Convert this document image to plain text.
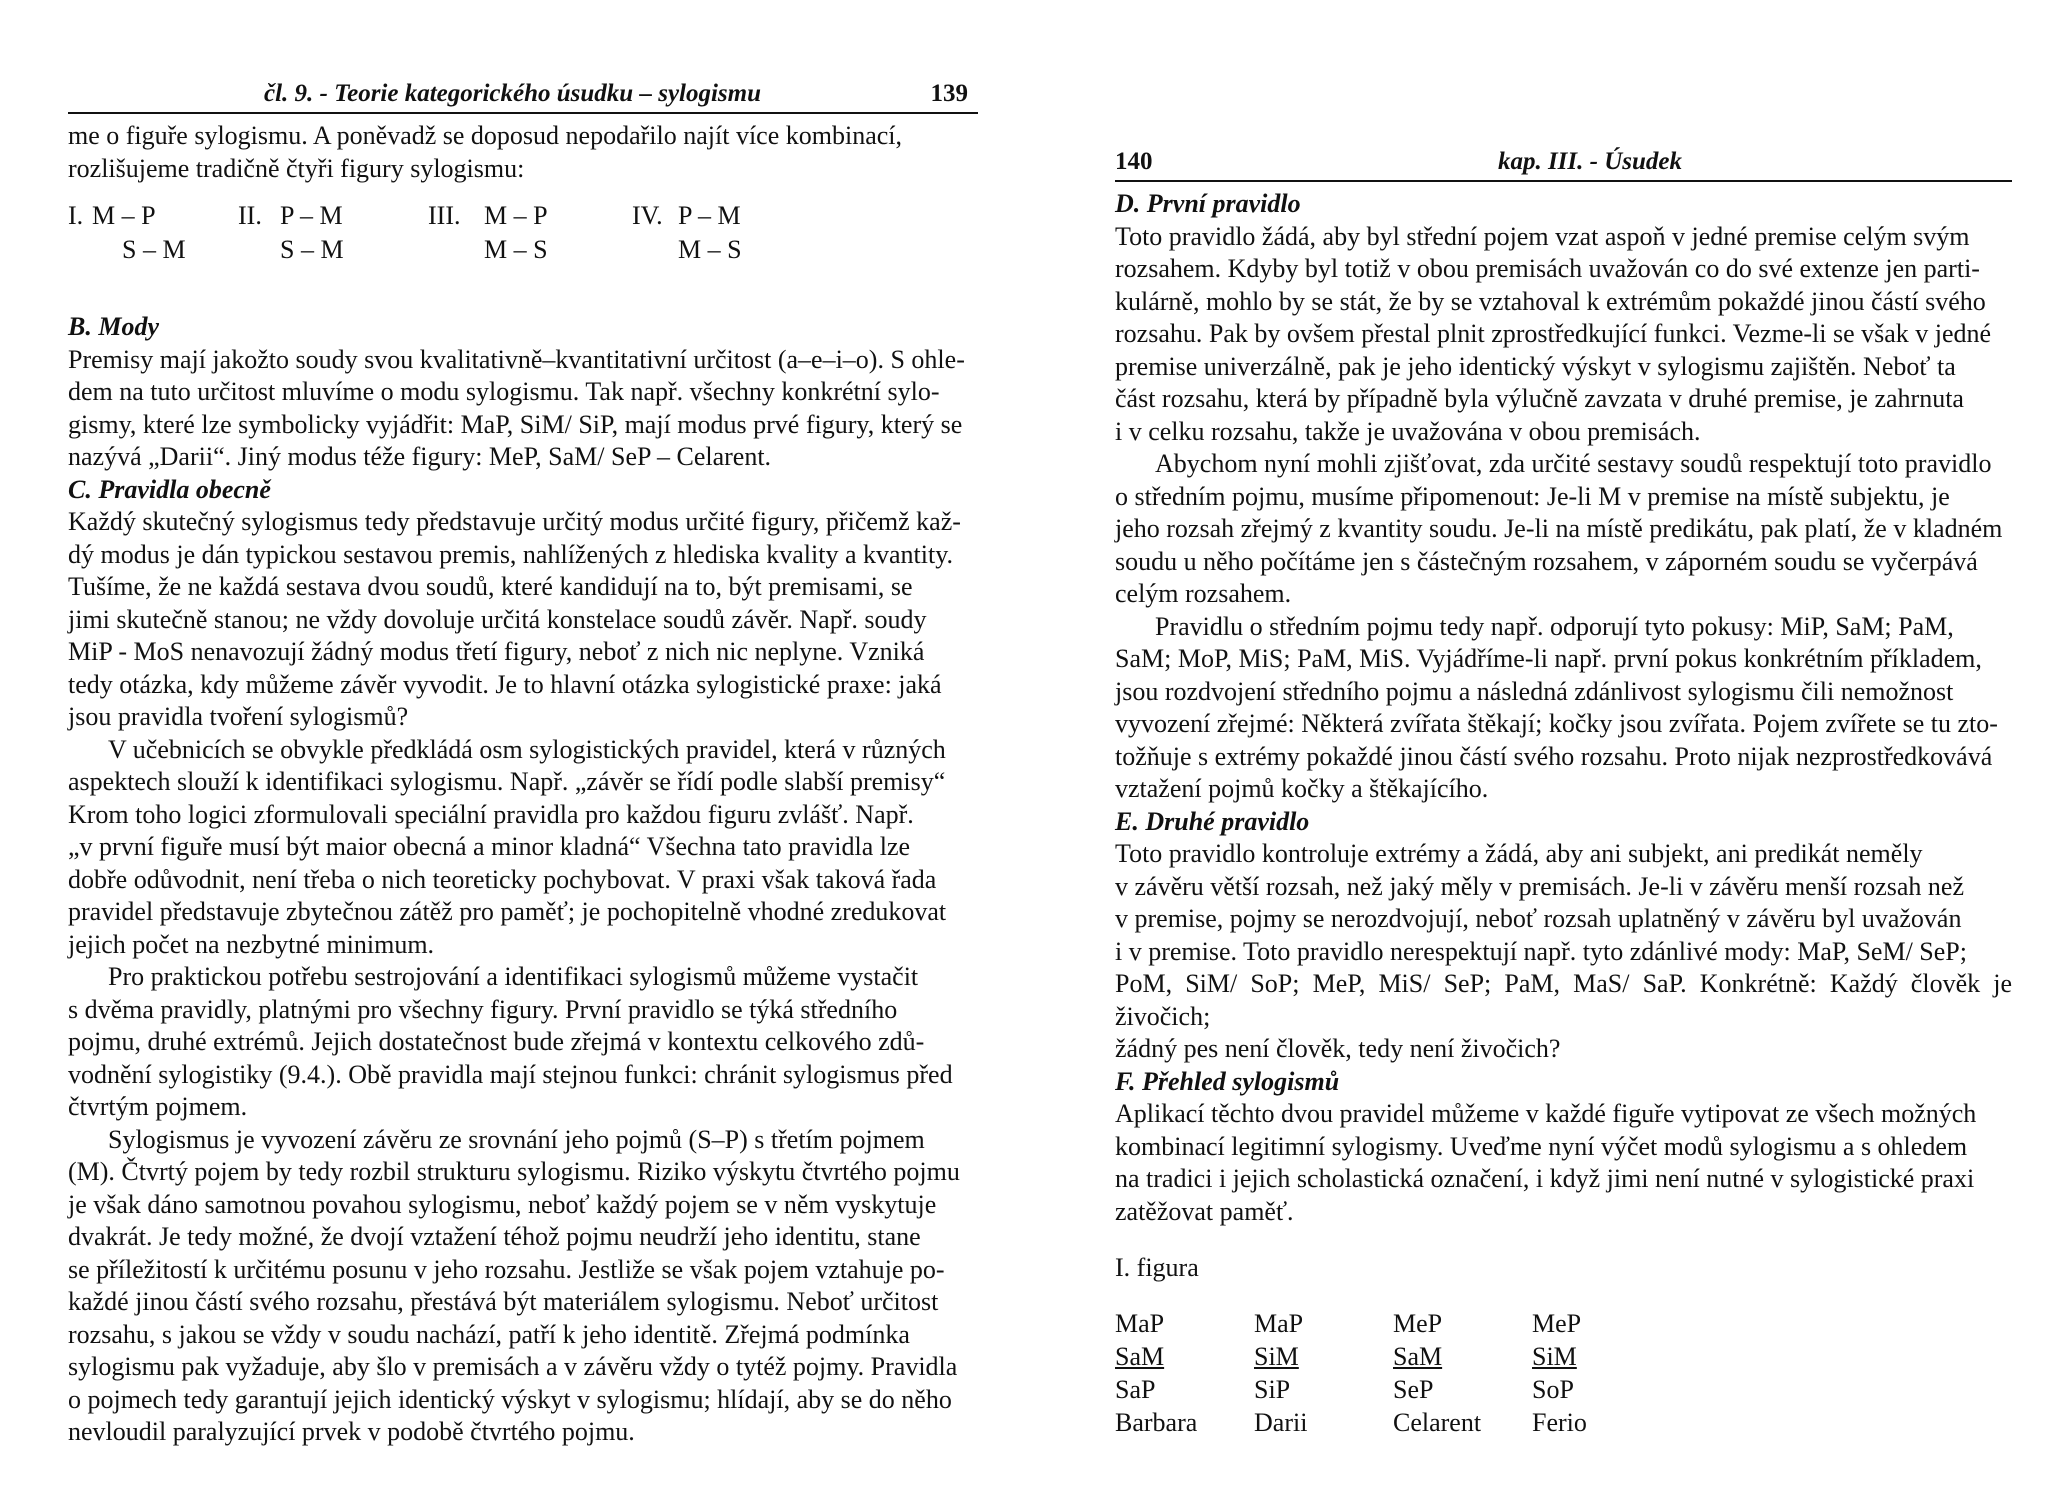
čl. 9. - Teorie kategorického úsudku – sylogismu	139

me o figuře sylogismu. A poněvadž se doposud nepodařilo najít více kombinací,

rozlišujeme tradičně čtyři figury sylogismu:

I. M – P	II. P – M	III. M – P	IV. P – M
S – M	S – M	M – S	M – S

B. Mody

Premisy mají jakožto soudy svou kvalitativně–kvantitativní určitost (a–e–i–o). S ohle-

dem na tuto určitost mluvíme o modu sylogismu. Tak např. všechny konkrétní sylo-

gismy, které lze symbolicky vyjádřit: MaP, SiM/ SiP, mají modus prvé figury, který se

nazývá „Darii“. Jiný modus téže figury: MeP, SaM/ SeP – Celarent.

C. Pravidla obecně

Každý skutečný sylogismus tedy představuje určitý modus určité figury, přičemž kaž-

dý modus je dán typickou sestavou premis, nahlížených z hlediska kvality a kvantity.

Tušíme, že ne každá sestava dvou soudů, které kandidují na to, být premisami, se

jimi skutečně stanou; ne vždy dovoluje určitá konstelace soudů závěr. Např. soudy

MiP - MoS nenavozují žádný modus třetí figury, neboť z nich nic neplyne. Vzniká

tedy otázka, kdy můžeme závěr vyvodit. Je to hlavní otázka sylogistické praxe: jaká

jsou pravidla tvoření sylogismů?

V učebnicích se obvykle předkládá osm sylogistických pravidel, která v různých

aspektech slouží k identifikaci sylogismu. Např. „závěr se řídí podle slabší premisy“

Krom toho logici zformulovali speciální pravidla pro každou figuru zvlášť. Např.

„v první figuře musí být maior obecná a minor kladná“ Všechna tato pravidla lze

dobře odůvodnit, není třeba o nich teoreticky pochybovat. V praxi však taková řada

pravidel představuje zbytečnou zátěž pro paměť; je pochopitelně vhodné zredukovat

jejich počet na nezbytné minimum.

Pro praktickou potřebu sestrojování a identifikaci sylogismů můžeme vystačit

s dvěma pravidly, platnými pro všechny figury. První pravidlo se týká středního

pojmu, druhé extrémů. Jejich dostatečnost bude zřejmá v kontextu celkového zdů-

vodnění sylogistiky (9.4.). Obě pravidla mají stejnou funkci: chránit sylogismus před

čtvrtým pojmem.

Sylogismus je vyvození závěru ze srovnání jeho pojmů (S–P) s třetím pojmem

(M). Čtvrtý pojem by tedy rozbil strukturu sylogismu. Riziko výskytu čtvrtého pojmu

je však dáno samotnou povahou sylogismu, neboť každý pojem se v něm vyskytuje

dvakrát. Je tedy možné, že dvojí vztažení téhož pojmu neudrží jeho identitu, stane

se příležitostí k určitému posunu v jeho rozsahu. Jestliže se však pojem vztahuje po-

každé jinou částí svého rozsahu, přestává být materiálem sylogismu. Neboť určitost

rozsahu, s jakou se vždy v soudu nachází, patří k jeho identitě. Zřejmá podmínka

sylogismu pak vyžaduje, aby šlo v premisách a v závěru vždy o tytéž pojmy. Pravidla

o pojmech tedy garantují jejich identický výskyt v sylogismu; hlídají, aby se do něho

nevloudil paralyzující prvek v podobě čtvrtého pojmu.

140	kap. III. - Úsudek

D. První pravidlo

Toto pravidlo žádá, aby byl střední pojem vzat aspoň v jedné premise celým svým

rozsahem. Kdyby byl totiž v obou premisách uvažován co do své extenze jen parti-

kulárně, mohlo by se stát, že by se vztahoval k extrémům pokaždé jinou částí svého

rozsahu. Pak by ovšem přestal plnit zprostředkující funkci. Vezme-li se však v jedné

premise univerzálně, pak je jeho identický výskyt v sylogismu zajištěn. Neboť ta

část rozsahu, která by případně byla výlučně zavzata v druhé premise, je zahrnuta

i v celku rozsahu, takže je uvažována v obou premisách.

Abychom nyní mohli zjišťovat, zda určité sestavy soudů respektují toto pravidlo

o středním pojmu, musíme připomenout: Je-li M v premise na místě subjektu, je

jeho rozsah zřejmý z kvantity soudu. Je-li na místě predikátu, pak platí, že v kladném

soudu u něho počítáme jen s částečným rozsahem, v záporném soudu se vyčerpává

celým rozsahem.

Pravidlu o středním pojmu tedy např. odporují tyto pokusy: MiP, SaM; PaM,

SaM; MoP, MiS; PaM, MiS. Vyjádříme-li např. první pokus konkrétním příkladem,

jsou rozdvojení středního pojmu a následná zdánlivost sylogismu čili nemožnost

vyvození zřejmé: Některá zvířata štěkají; kočky jsou zvířata. Pojem zvířete se tu zto-

tožňuje s extrémy pokaždé jinou částí svého rozsahu. Proto nijak nezprostředkovává

vztažení pojmů kočky a štěkajícího.

E. Druhé pravidlo

Toto pravidlo kontroluje extrémy a žádá, aby ani subjekt, ani predikát neměly

v závěru větší rozsah, než jaký měly v premisách. Je-li v závěru menší rozsah než

v premise, pojmy se nerozdvojují, neboť rozsah uplatněný v závěru byl uvažován

i v premise. Toto pravidlo nerespektují např. tyto zdánlivé mody: MaP, SeM/ SeP;

PoM, SiM/ SoP; MeP, MiS/ SeP; PaM, MaS/ SaP. Konkrétně: Každý člověk je živočich;

žádný pes není člověk, tedy není živočich?

F. Přehled sylogismů

Aplikací těchto dvou pravidel můžeme v každé figuře vytipovat ze všech možných

kombinací legitimní sylogismy. Uveďme nyní výčet modů sylogismu a s ohledem

na tradici i jejich scholastická označení, i když jimi není nutné v sylogistické praxi

zatěžovat paměť.

I. figura

MaP	MaP	MeP	MeP
SaM	SiM	SaM	SiM
SaP	SiP	SeP	SoP
Barbara	Darii	Celarent	Ferio
